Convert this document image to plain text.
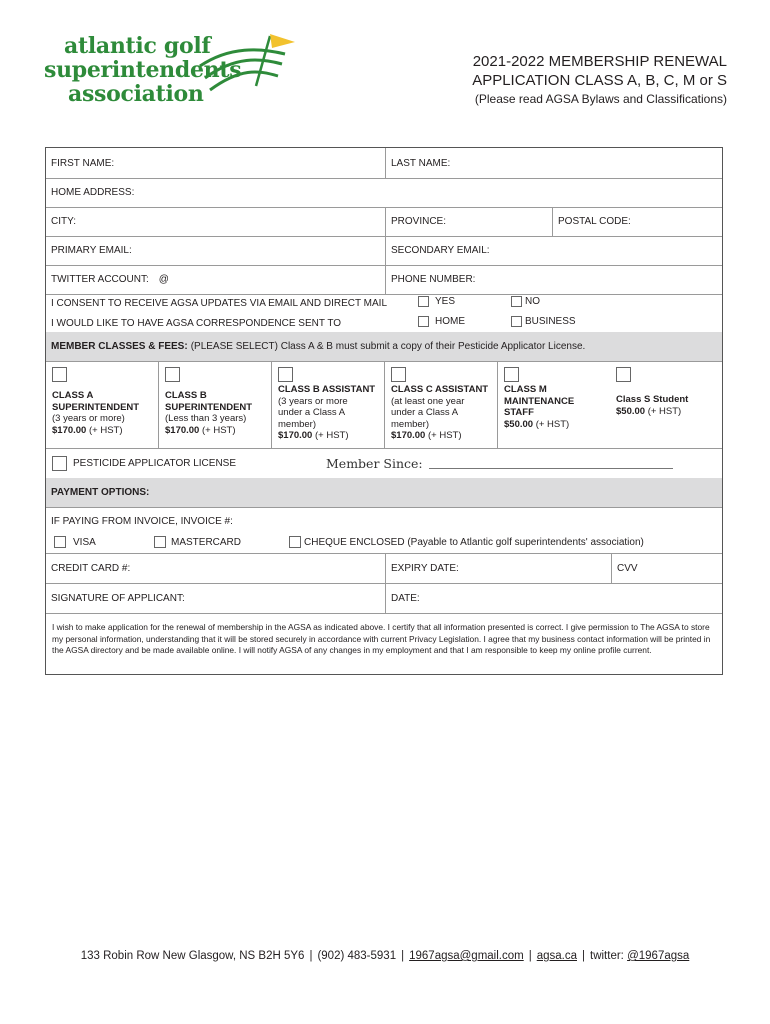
atlantic golf
superintendents
association
2021-2022 MEMBERSHIP RENEWAL
APPLICATION CLASS A, B, C, M or S
(Please read AGSA Bylaws and Classifications)
FIRST NAME:	LAST NAME:
HOME ADDRESS:
CITY:	PROVINCE:	POSTAL CODE:
PRIMARY EMAIL:	SECONDARY EMAIL:
TWITTER ACCOUNT: @	PHONE NUMBER:
I CONSENT TO RECEIVE AGSA UPDATES VIA EMAIL AND DIRECT MAIL	YES	NO
I WOULD LIKE TO HAVE AGSA CORRESPONDENCE SENT TO	HOME	BUSINESS
MEMBER CLASSES & FEES: (PLEASE SELECT) Class A & B must submit a copy of their Pesticide Applicator License.
CLASS A
SUPERINTENDENT
(3 years or more)
$170.00 (+ HST)
CLASS B
SUPERINTENDENT
(Less than 3 years)
$170.00 (+ HST)
CLASS B ASSISTANT
(3 years or more
under a Class A
member)
$170.00 (+ HST)
CLASS C ASSISTANT
(at least one year
under a Class A
member)
$170.00 (+ HST)
CLASS M
MAINTENANCE
STAFF
$50.00 (+ HST)
Class S Student
$50.00 (+ HST)
PESTICIDE APPLICATOR LICENSE	Member Since:
PAYMENT OPTIONS:
IF PAYING FROM INVOICE, INVOICE #:
VISA	MASTERCARD	CHEQUE ENCLOSED (Payable to Atlantic golf superintendents' association)
CREDIT CARD #:	EXPIRY DATE:	CVV
SIGNATURE OF APPLICANT:	DATE:
I wish to make application for the renewal of membership in the AGSA as indicated above. I certify that all information presented is correct. I give permission to The AGSA to store my personal information, understanding that it will be stored securely in accordance with current Privacy Legislation. I agree that my business contact information will be printed in the AGSA directory and be made available online. I will notify AGSA of any changes in my employment and that I am responsible to keep my online profile current.
133 Robin Row New Glasgow, NS B2H 5Y6 | (902) 483-5931 | 1967agsa@gmail.com | agsa.ca | twitter: @1967agsa
